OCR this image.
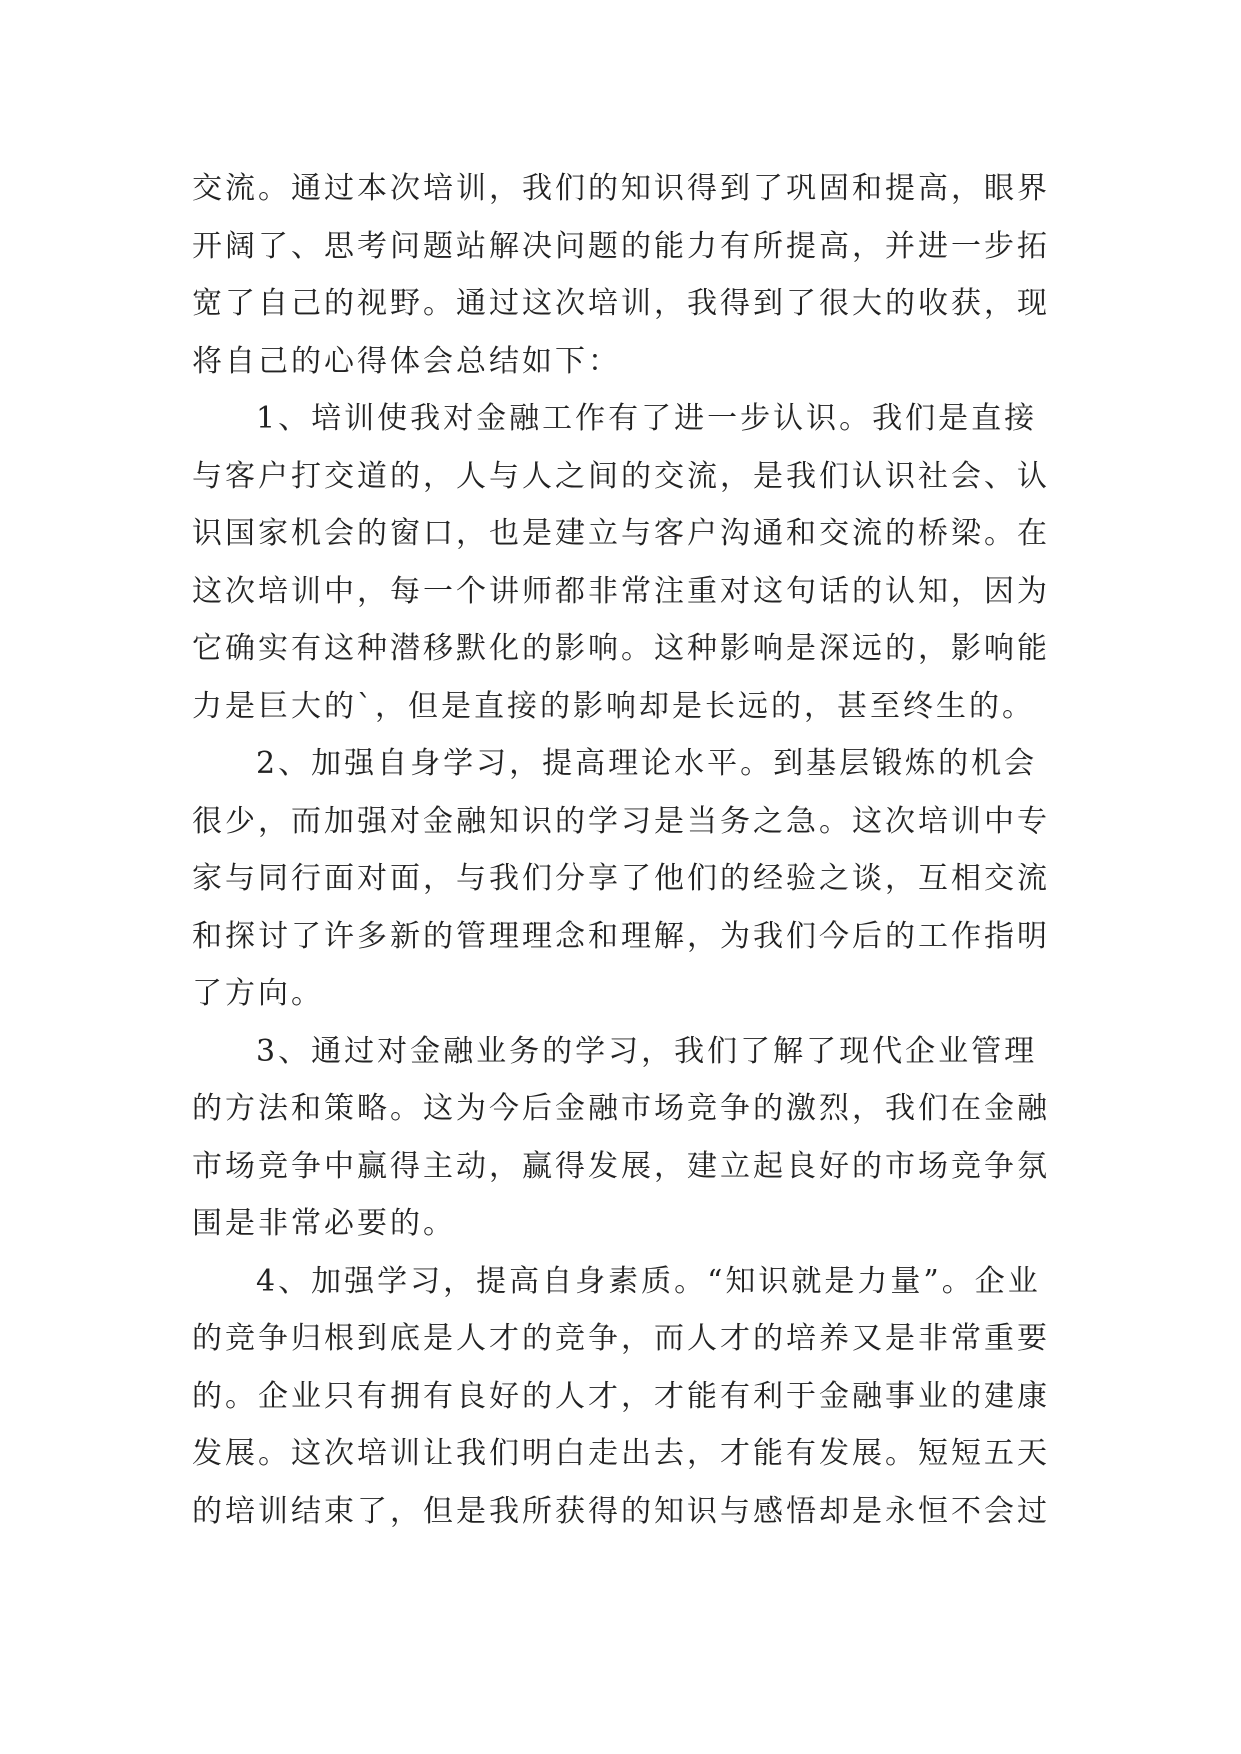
交流。通过本次培训，我们的知识得到了巩固和提高，眼界
开阔了、思考问题站解决问题的能力有所提高，并进一步拓
宽了自己的视野。通过这次培训，我得到了很大的收获，现
将自己的心得体会总结如下：
1、培训使我对金融工作有了进一步认识。我们是直接
与客户打交道的，人与人之间的交流，是我们认识社会、认
识国家机会的窗口，也是建立与客户沟通和交流的桥梁。在
这次培训中，每一个讲师都非常注重对这句话的认知，因为
它确实有这种潜移默化的影响。这种影响是深远的，影响能
力是巨大的`，但是直接的影响却是长远的，甚至终生的。
2、加强自身学习，提高理论水平。到基层锻炼的机会
很少，而加强对金融知识的学习是当务之急。这次培训中专
家与同行面对面，与我们分享了他们的经验之谈，互相交流
和探讨了许多新的管理理念和理解，为我们今后的工作指明
了方向。
3、通过对金融业务的学习，我们了解了现代企业管理
的方法和策略。这为今后金融市场竞争的激烈，我们在金融
市场竞争中赢得主动，赢得发展，建立起良好的市场竞争氛
围是非常必要的。
4、加强学习，提高自身素质。“知识就是力量”。企业
的竞争归根到底是人才的竞争，而人才的培养又是非常重要
的。企业只有拥有良好的人才，才能有利于金融事业的建康
发展。这次培训让我们明白走出去，才能有发展。短短五天
的培训结束了，但是我所获得的知识与感悟却是永恒不会过
